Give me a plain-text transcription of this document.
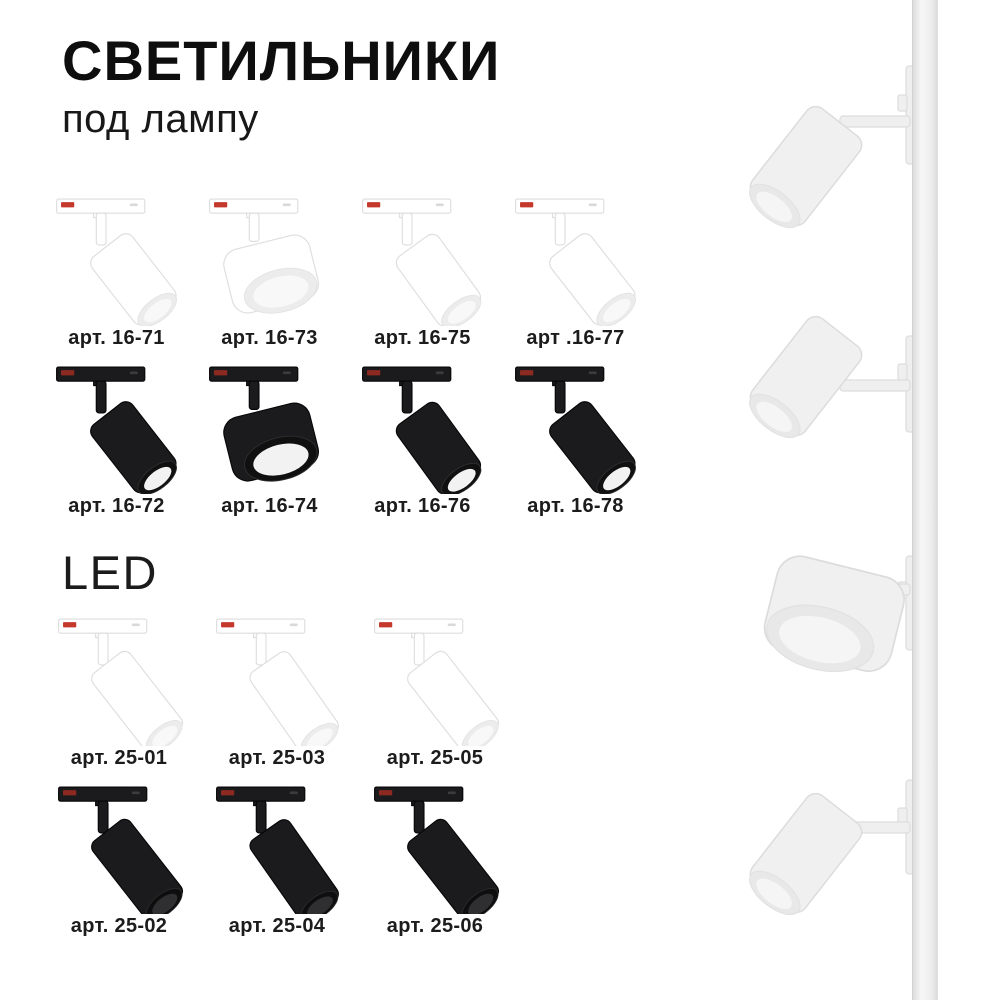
СВЕТИЛЬНИКИ
под лампу
арт. 16-71	арт. 16-73	арт. 16-75	арт .16-77
арт. 16-72	арт. 16-74	арт. 16-76	арт. 16-78
LED
арт. 25-01	арт. 25-03	арт. 25-05
арт. 25-02	арт. 25-04	арт. 25-06
